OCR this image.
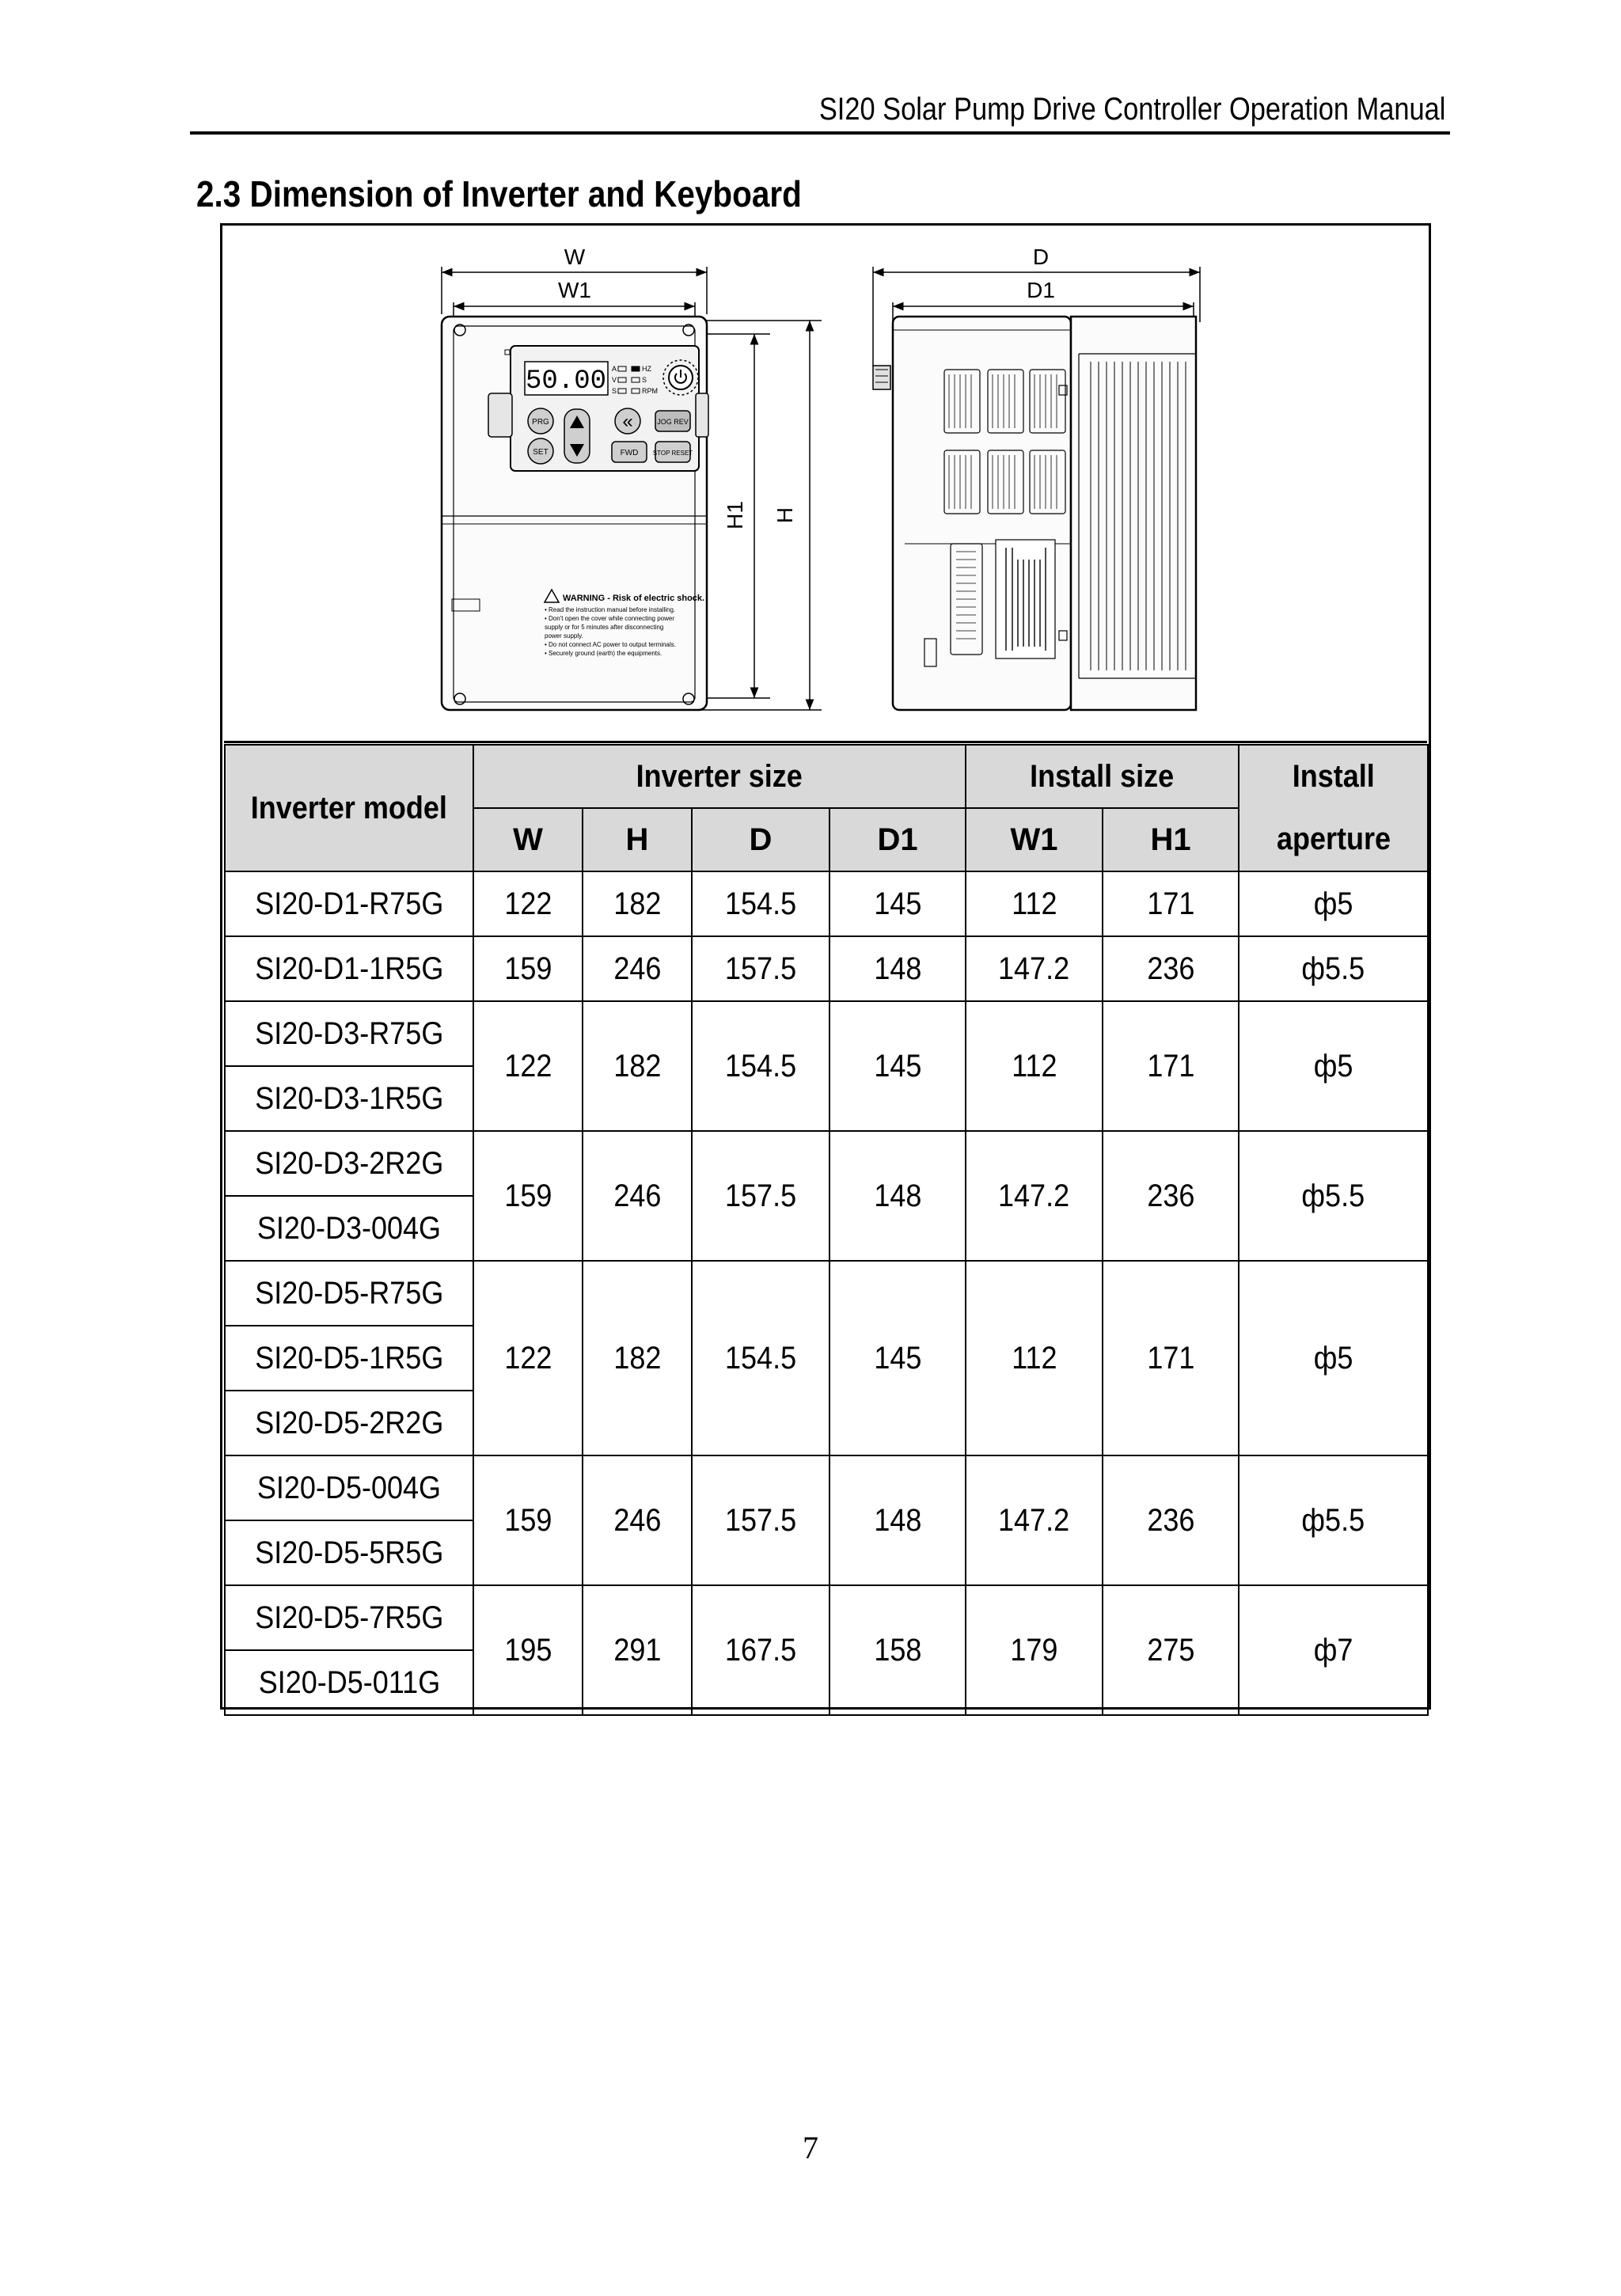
SI20 Solar Pump Drive Controller Operation Manual
2.3 Dimension of Inverter and Keyboard
W
W1
H
H1
50.00 A
V
S
HZ
S
RPM
PRG
SET
«	JOG REV
FWD STOP RESET
WARNING - Risk of electric shock.
• Read the instruction manual before installing.
• Don't open the cover while connecting power
supply or for 5 minutes after disconnecting
power supply.
• Do not connect AC power to output terminals.
• Securely ground (earth) the equipments.
D
D1
Inverter model	Inverter size				Install size		Install
	W	H	D	D1	W1	H1	aperture
SI20-D1-R75G	122	182	154.5	145	112	171	ф5
SI20-D1-1R5G	159	246	157.5	148	147.2	236	ф5.5
SI20-D3-R75G	122	182	154.5	145	112	171	ф5
SI20-D3-1R5G							
SI20-D3-2R2G	159	246	157.5	148	147.2	236	ф5.5
SI20-D3-004G							
SI20-D5-R75G	122	182	154.5	145	112	171	ф5
SI20-D5-1R5G							
SI20-D5-2R2G							
SI20-D5-004G	159	246	157.5	148	147.2	236	ф5.5
SI20-D5-5R5G							
SI20-D5-7R5G	195	291	167.5	158	179	275	ф7
SI20-D5-011G							
7
